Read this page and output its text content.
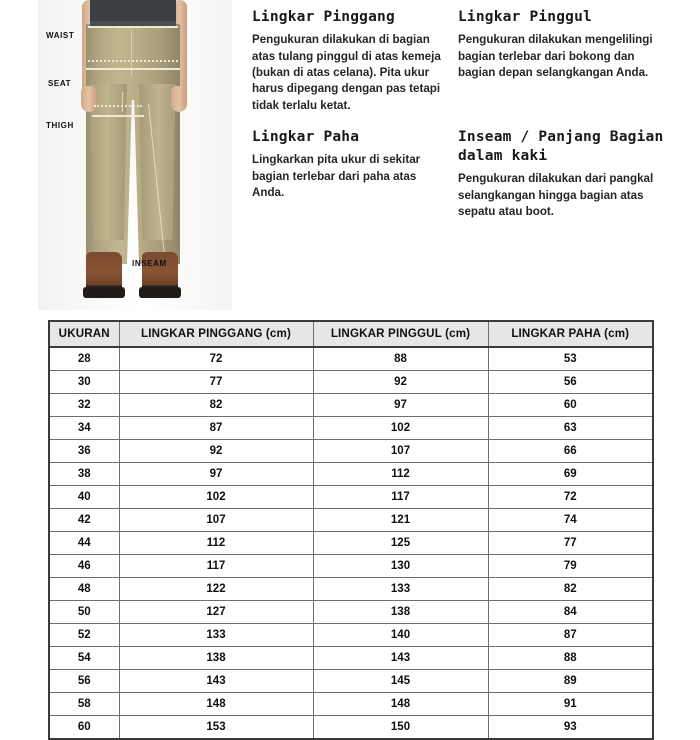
WAIST
SEAT
THIGH
INSEAM
Lingkar Pinggang

Pengukuran dilakukan di bagian atas tulang pinggul di atas kemeja (bukan di atas celana). Pita ukur harus dipegang dengan pas tetapi tidak terlalu ketat.

Lingkar Pinggul

Pengukuran dilakukan mengelilingi bagian terlebar dari bokong dan bagian depan selangkangan Anda.

Lingkar Paha

Lingkarkan pita ukur di sekitar bagian terlebar dari paha atas Anda.

Inseam / Panjang Bagian dalam kaki

Pengukuran dilakukan dari pangkal selangkangan hingga bagian atas sepatu atau boot.

UKURAN	LINGKAR PINGGANG (cm)	LINGKAR PINGGUL (cm)	LINGKAR PAHA (cm)
28	72	88	53
30	77	92	56
32	82	97	60
34	87	102	63
36	92	107	66
38	97	112	69
40	102	117	72
42	107	121	74
44	112	125	77
46	117	130	79
48	122	133	82
50	127	138	84
52	133	140	87
54	138	143	88
56	143	145	89
58	148	148	91
60	153	150	93
